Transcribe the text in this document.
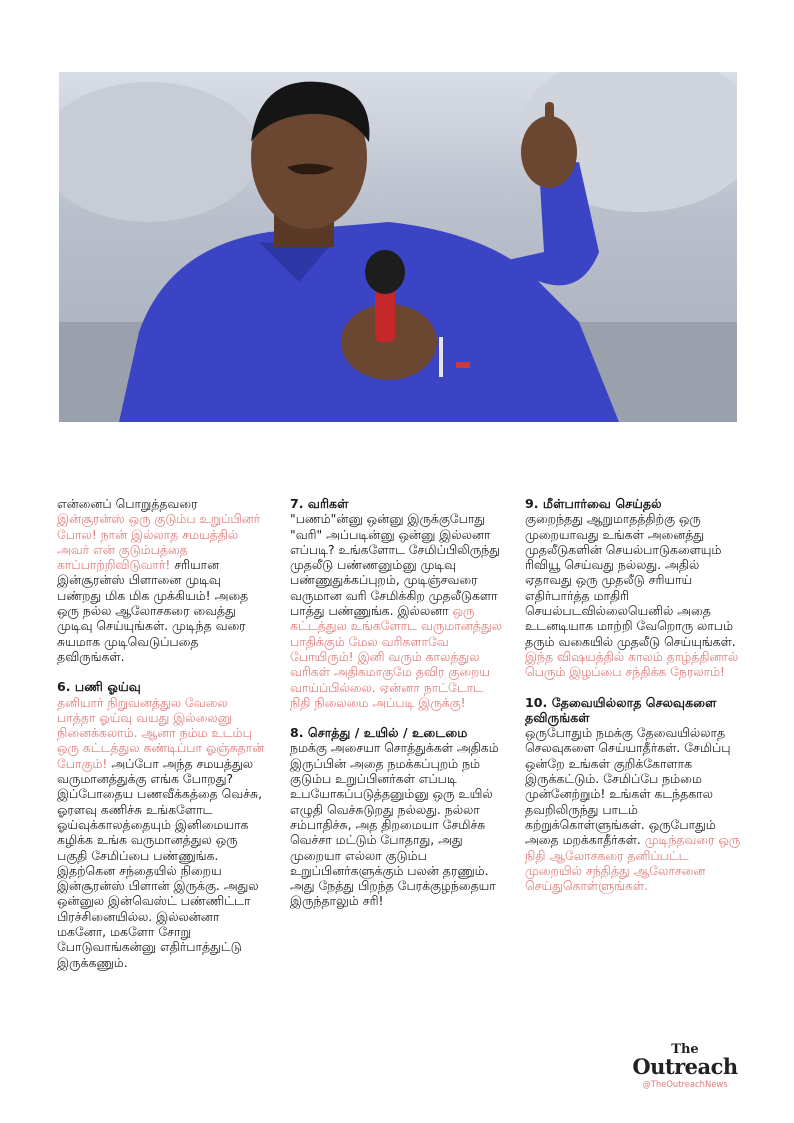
என்னைப் பொறுத்தவரை இன்சூரன்ஸ் ஒரு குடும்ப உறுப்பினர் போல! நான் இல்லாத சமயத்தில் அவர் என் குடும்பத்தை காப்பாற்றிவிடுவார்! சரியான இன்சூரன்ஸ் பிளானை முடிவு பண்றது மிக மிக முக்கியம்! அதை ஒரு நல்ல ஆலோசகரை வைத்து முடிவு செய்யுங்கள். முடிந்த வரை சுயமாக முடிவெடுப்பதை தவிருங்கள்.

6. பணி ஓய்வு

தனியார் நிறுவனத்துல வேலை பாத்தா ஓய்வு வயது இல்லைனு நினைக்கலாம். ஆனா நம்ம உடம்பு ஒரு கட்டத்துல கண்டிப்பா ஓஞ்சுதான் போகும்! அப்போ அந்த சமயத்துல வருமானத்துக்கு எங்க போறது? இப்போதைய பணவீக்கத்தை வெச்சு, ஓரளவு கணிச்சு உங்களோட ஓய்வுக்காலத்தையும் இனிமையாக கழிக்க உங்க வருமானத்துல ஒரு பகுதி சேமிப்பை பண்ணுங்க. இதற்கென சந்தையில் நிறைய இன்சூரன்ஸ் பிளான் இருக்கு. அதுல ஒன்னுல இன்வெஸ்ட் பண்ணிட்டா பிரச்சினையில்ல. இல்லன்னா மகனோ, மகளோ சோறு போடுவாங்கன்னு எதிர்பாத்துட்டு இருக்கணும்.

7. வரிகள்

"பணம்"ன்னு ஒன்னு இருக்குபோது "வரி" அப்படின்னு ஒன்னு இல்லனா எப்படி? உங்களோட சேமிப்பிலிருந்து முதலீடு பண்ணனும்னு முடிவு பண்ணுதுக்கப்புறம், முடிஞ்சவரை வருமான வரி சேமிக்கிற முதலீடுகளா பாத்து பண்ணுங்க. இல்லனா ஒரு கட்டத்துல உங்களோட வருமானத்துல பாதிக்கும் மேல வரிகளாவே போயிரும்! இனி வரும் காலத்துல வரிகள் அதிகமாகுமே தவிர குறைய வாய்ப்பில்லை. ஏன்னா நாட்டோட நிதி நிலைமை அப்படி இருக்கு!

8. சொத்து / உயில் / உடைமை

நமக்கு அசையா சொத்துக்கள் அதிகம் இருப்பின் அதை நமக்கப்புறம் நம் குடும்ப உறுப்பினர்கள் எப்படி உபயோகப்படுத்தனும்னு ஒரு உயில் எழுதி வெச்சுடுறது நல்லது. நல்லா சம்பாதிச்சு, அத திறமையா சேமிச்சு வெச்சா மட்டும் போதாது, அது முறையா எல்லா குடும்ப உறுப்பினர்களுக்கும் பலன் தரணும். அது நேத்து பிறந்த பேரக்குழந்தையா இருந்தாலும் சரி!

9. மீள்பார்வை செய்தல்

குறைந்தது ஆறுமாதத்திற்கு ஒரு முறையாவது உங்கள் அனைத்து முதலீடுகளின் செயல்பாடுகளையும் ரிவியூ செய்வது நல்லது. அதில் ஏதாவது ஒரு முதலீடு சரியாய் எதிர்பார்த்த மாதிரி செயல்படவில்லையெனில் அதை உடனடியாக மாற்றி வேறொரு லாபம் தரும் வகையில் முதலீடு செய்யுங்கள். இந்த விஷயத்தில் காலம் தாழ்த்தினால் பெரும் இழப்பை சந்திக்க நேரலாம்!

10. தேவையில்லாத செலவுகளை தவிருங்கள்

ஒருபோதும் நமக்கு தேவையில்லாத செலவுகளை செய்யாதீர்கள். சேமிப்பு ஒன்றே உங்கள் குறிக்கோளாக இருக்கட்டும். சேமிப்பே நம்மை முன்னேற்றும்! உங்கள் கடந்தகால தவறிலிருந்து பாடம் கற்றுக்கொள்ளுங்கள். ஒருபோதும் அதை மறக்காதீர்கள். முடிந்தவரை ஒரு நிதி ஆலோசகரை தனிப்பட்ட முறையில் சந்தித்து ஆலோசனை செய்துகொள்ளுங்கள்.

The
Outreach
@TheOutreachNews
